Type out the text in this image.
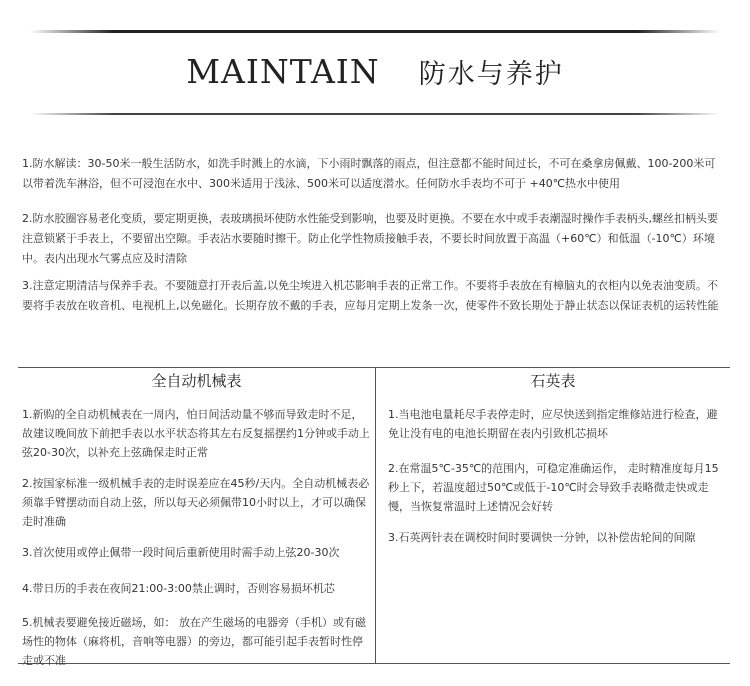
MAINTAIN 防水与养护

1.防水解读：30-50米一般生活防水，如洗手时溅上的水滴，下小雨时飘落的雨点，但注意都不能时间过长，不可在桑拿房佩戴、100-200米可以带着洗车淋浴，但不可浸泡在水中、300米适用于浅泳、500米可以适度潜水。任何防水手表均不可于 +40℃热水中使用

2.防水胶圈容易老化变质，要定期更换，表玻璃损坏使防水性能受到影响，也要及时更换。不要在水中或手表潮湿时操作手表柄头,螺丝扣柄头要注意锁紧于手表上，不要留出空隙。手表沾水要随时擦干。防止化学性物质接触手表，不要长时间放置于高温（+60℃）和低温（-10℃）环境中。表内出现水气雾点应及时清除

3.注意定期清洁与保养手表。不要随意打开表后盖,以免尘埃进入机芯影响手表的正常工作。不要将手表放在有樟脑丸的衣柜内以免表油变质。不要将手表放在收音机、电视机上,以免磁化。长期存放不戴的手表，应每月定期上发条一次，使零件不致长期处于静止状态以保证表机的运转性能

全自动机械表	石英表

1.新购的全自动机械表在一周内，怕日间活动量不够而导致走时不足，故建议晚间放下前把手表以水平状态将其左右反复摇摆约1分钟或手动上弦20-30次，以补充上弦确保走时正常

2.按国家标准一级机械手表的走时误差应在45秒/天内。全自动机械表必须靠手臂摆动而自动上弦，所以每天必须佩带10小时以上，才可以确保走时准确

3.首次使用或停止佩带一段时间后重新使用时需手动上弦20-30次

4.带日历的手表在夜间21:00-3:00禁止调时，否则容易损坏机芯

5.机械表要避免接近磁场，如： 放在产生磁场的电器旁（手机）或有磁场性的物体（麻将机，音响等电器）的旁边，都可能引起手表暂时性停走或不准

1.当电池电量耗尽手表停走时，应尽快送到指定维修站进行检查，避免让没有电的电池长期留在表内引致机芯损坏

2.在常温5℃-35℃的范围内，可稳定准确运作， 走时精准度每月15秒上下，若温度超过50℃或低于-10℃时会导致手表略微走快或走慢，当恢复常温时上述情况会好转

3.石英两针表在调校时间时要调快一分钟，以补偿齿轮间的间隙
